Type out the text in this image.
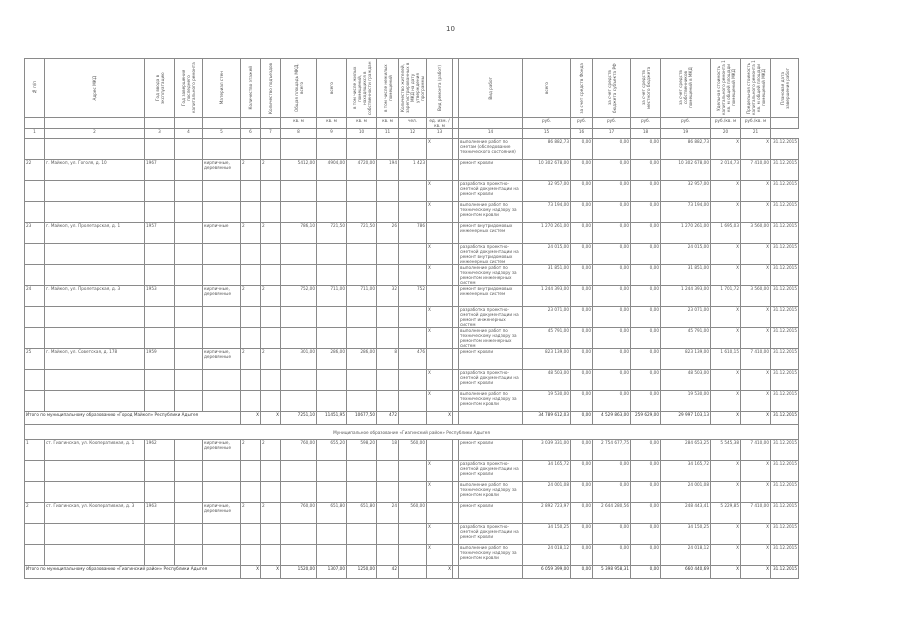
10
№ п/п	Адрес МКД	Год ввода в эксплуатацию	Год завершения последнего капитального ремонта	Материал стен	Количество этажей	Количество подъездов	Общая площадь МКД, всего	всего	в том числе жилых помещений, находящихся в собственности граждан	в том числе нежилых помещений	Количество жителей, зарегистрированных в МКД на дату утверждения программы	Вид ремонта (работ)		Вид работ	всего	за счет средств Фонда	за счет средств бюджета субъекта РФ	за счет средств местного бюджета	за счет средств собственников помещений в МКД	Удельная стоимость капитального ремонта 1 кв. м общей площади помещений МКД	Предельная стоимость капитального ремонта 1 кв. м общей площади помещений МКД	Плановая дата завершения работ

							кв. м	кв. м	кв. м	кв. м	чел.	ед. изм. / кв. м			руб.	руб.	руб.	руб.	руб.	руб./кв. м	руб./кв. м	
1	2	3	4	5	6	7	8	9	10	11	12	13		14	15	16	17	18	19	20	21	
												X		выполнение работ по сметам (обследование технического состояния)	86 882,73	0,00	0,00	0,00	86 882,73	X	X	31.12.2015
22	г. Майкоп, ул. Гоголя, д. 10	1967		кирпичные, деревянные	2	2	5412,00	4904,00	4720,00	194	1 423			ремонт кровли	10 302 678,00	0,00	0,00	0,00	10 302 678,00	2 014,73	7 410,00	31.12.2015
												X		разработка проектно-сметной документации на ремонт кровли	32 957,00	0,00	0,00	0,00	32 957,00	X	X	31.12.2015
												X		выполнение работ по техническому надзору за ремонтом кровли	73 194,00	0,00	0,00	0,00	73 194,00	X	X	31.12.2015
23	г. Майкоп, ул. Пролетарская, д. 1	1957		кирпичные	2	2	786,10	721,50	721,50	26	786			ремонт внутридомовых инженерных систем	1 270 261,00	0,00	0,00	0,00	1 270 261,00	1 695,03	3 560,00	31.12.2015
												X		разработка проектно-сметной документации на ремонт внутридомовых инженерных систем	24 015,00	0,00	0,00	0,00	24 015,00	X	X	31.12.2015
												X		выполнение работ по техническому надзору за ремонтом инженерных систем	31 851,00	0,00	0,00	0,00	31 851,00	X	X	31.12.2015
24	г. Майкоп, ул. Пролетарская, д. 3	1953		кирпичные, деревянные	2	2	752,00	711,00	711,00	32	752			ремонт внутридомовых инженерных систем	1 244 393,00	0,00	0,00	0,00	1 244 393,00	1 701,72	3 560,00	31.12.2015
												X		разработка проектно-сметной документации на ремонт инженерных систем	23 071,00	0,00	0,00	0,00	23 071,00	X	X	31.12.2015
												X		выполнение работ по техническому надзору за ремонтом инженерных систем	45 791,00	0,00	0,00	0,00	45 791,00	X	X	31.12.2015
25	г. Майкоп, ул. Советская, д. 178	1959		кирпичные, деревянные	2	2	301,00	286,00	286,00	8	476			ремонт кровли	823 139,00	0,00	0,00	0,00	823 139,00	1 610,15	7 410,00	31.12.2015
												X		разработка проектно-сметной документации на ремонт кровли	48 503,00	0,00	0,00	0,00	48 503,00	X	X	31.12.2015
												X		выполнение работ по техническому надзору за ремонтом кровли	19 530,00	0,00	0,00	0,00	19 530,00	X	X	31.12.2015
Итого по муниципальному образованию «Город Майкоп» Республики Адыгея					X	X	7251,10	11451,95	10677,50	472		X			34 789 612,03	0,00	4 529 863,00	259 629,00	29 997 103,13	X	X	31.12.2015
Муниципальное образование «Гиагинский район» Республики Адыгея																						
1	ст. Гиагинская, ул. Кооперативная, д. 1	1962		кирпичные, деревянные	2	2	760,00	655,20	598,20	18	560,00			ремонт кровли	3 039 331,00	0,00	2 754 677,75	0,00	284 653,25	5 545,38	7 410,00	31.12.2015
												X		разработка проектно-сметной документации на ремонт кровли	34 165,72	0,00	0,00	0,00	34 165,72	X	X	31.12.2015
												X		выполнение работ по техническому надзору за ремонтом кровли	24 001,08	0,00	0,00	0,00	24 001,08	X	X	31.12.2015
2	ст. Гиагинская, ул. Кооперативная, д. 3	1963		кирпичные, деревянные	2	2	760,00	651,80	651,80	24	560,00			ремонт кровли	2 892 723,97	0,00	2 644 280,56	0,00	248 443,41	5 229,85	7 410,00	31.12.2015
												X		разработка проектно-сметной документации на ремонт кровли	34 150,25	0,00	0,00	0,00	34 150,25	X	X	31.12.2015
												X		выполнение работ по техническому надзору за ремонтом кровли	24 018,12	0,00	0,00	0,00	24 018,12	X	X	31.12.2015
Итого по муниципальному образованию «Гиагинский район» Республики Адыгея					X	X	1520,00	1307,00	1250,00	42		X			6 059 399,00	0,00	5 398 958,31	0,00	660 440,69	X	X	31.12.2015
